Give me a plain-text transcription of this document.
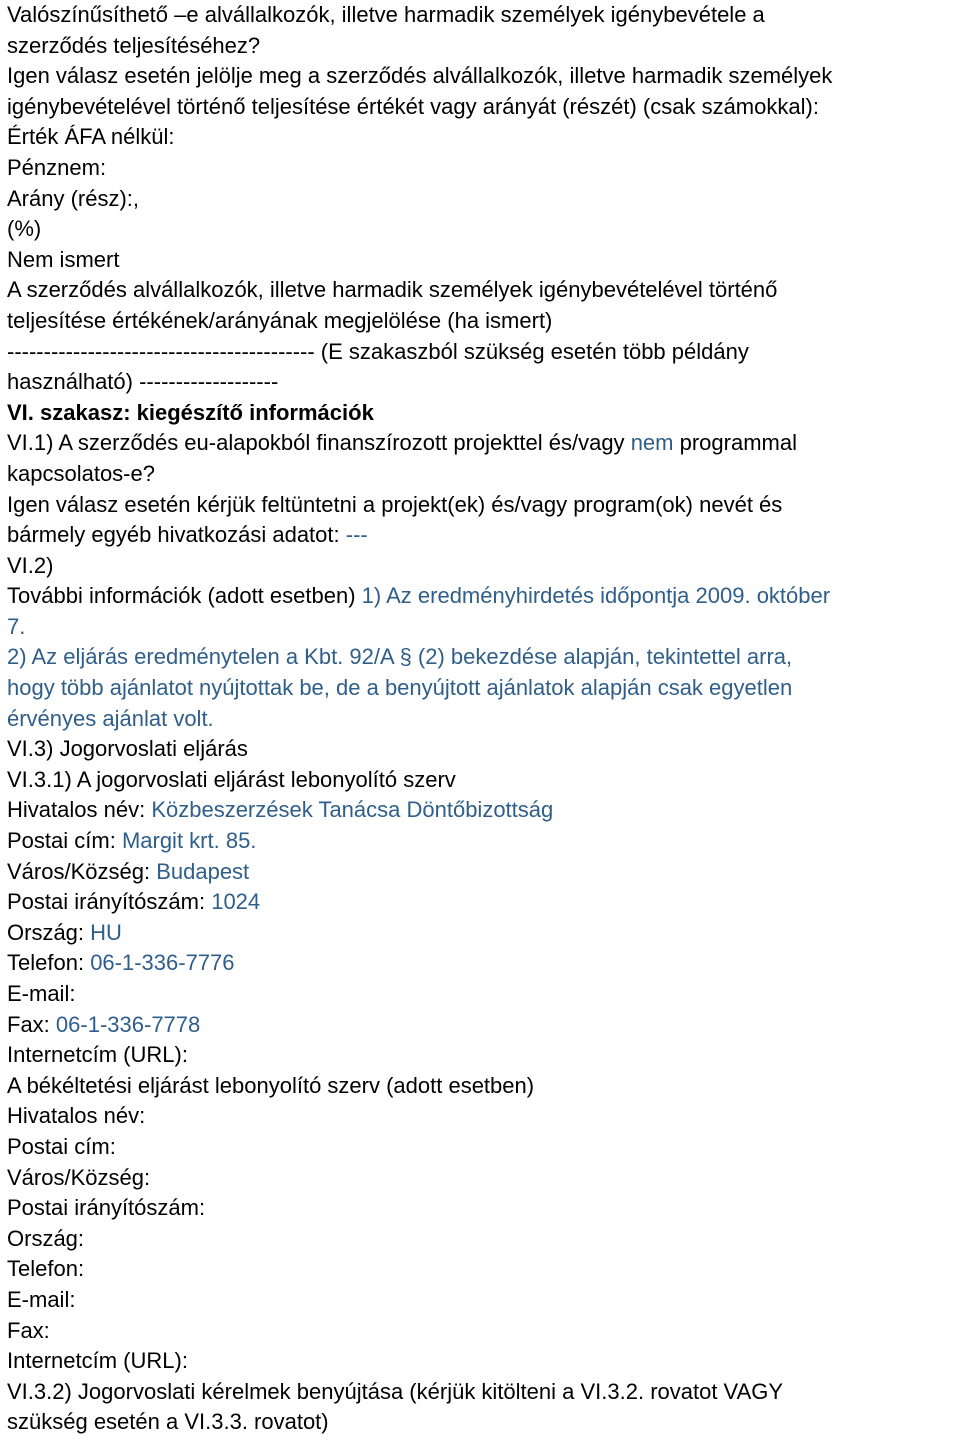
Valószínűsíthető –e alvállalkozók, illetve harmadik személyek igénybevétele a
szerződés teljesítéséhez?
Igen válasz esetén jelölje meg a szerződés alvállalkozók, illetve harmadik személyek
igénybevételével történő teljesítése értékét vagy arányát (részét) (csak számokkal):
Érték ÁFA nélkül:
Pénznem:
Arány (rész):,
(%)
Nem ismert
A szerződés alvállalkozók, illetve harmadik személyek igénybevételével történő
teljesítése értékének/arányának megjelölése (ha ismert)
------------------------------------------ (E szakaszból szükség esetén több példány
használható) -------------------
VI. szakasz: kiegészítő információk
VI.1) A szerződés eu-alapokból finanszírozott projekttel és/vagy nem programmal
kapcsolatos-e?
Igen válasz esetén kérjük feltüntetni a projekt(ek) és/vagy program(ok) nevét és
bármely egyéb hivatkozási adatot: ---
VI.2)
További információk (adott esetben) 1) Az eredményhirdetés időpontja 2009. október
7.
2) Az eljárás eredménytelen a Kbt. 92/A § (2) bekezdése alapján, tekintettel arra,
hogy több ajánlatot nyújtottak be, de a benyújtott ajánlatok alapján csak egyetlen
érvényes ajánlat volt.
VI.3) Jogorvoslati eljárás
VI.3.1) A jogorvoslati eljárást lebonyolító szerv
Hivatalos név: Közbeszerzések Tanácsa Döntőbizottság
Postai cím: Margit krt. 85.
Város/Község: Budapest
Postai irányítószám: 1024
Ország: HU
Telefon: 06-1-336-7776
E-mail:
Fax: 06-1-336-7778
Internetcím (URL):
A békéltetési eljárást lebonyolító szerv (adott esetben)
Hivatalos név:
Postai cím:
Város/Község:
Postai irányítószám:
Ország:
Telefon:
E-mail:
Fax:
Internetcím (URL):
VI.3.2) Jogorvoslati kérelmek benyújtása (kérjük kitölteni a VI.3.2. rovatot VAGY
szükség esetén a VI.3.3. rovatot)
